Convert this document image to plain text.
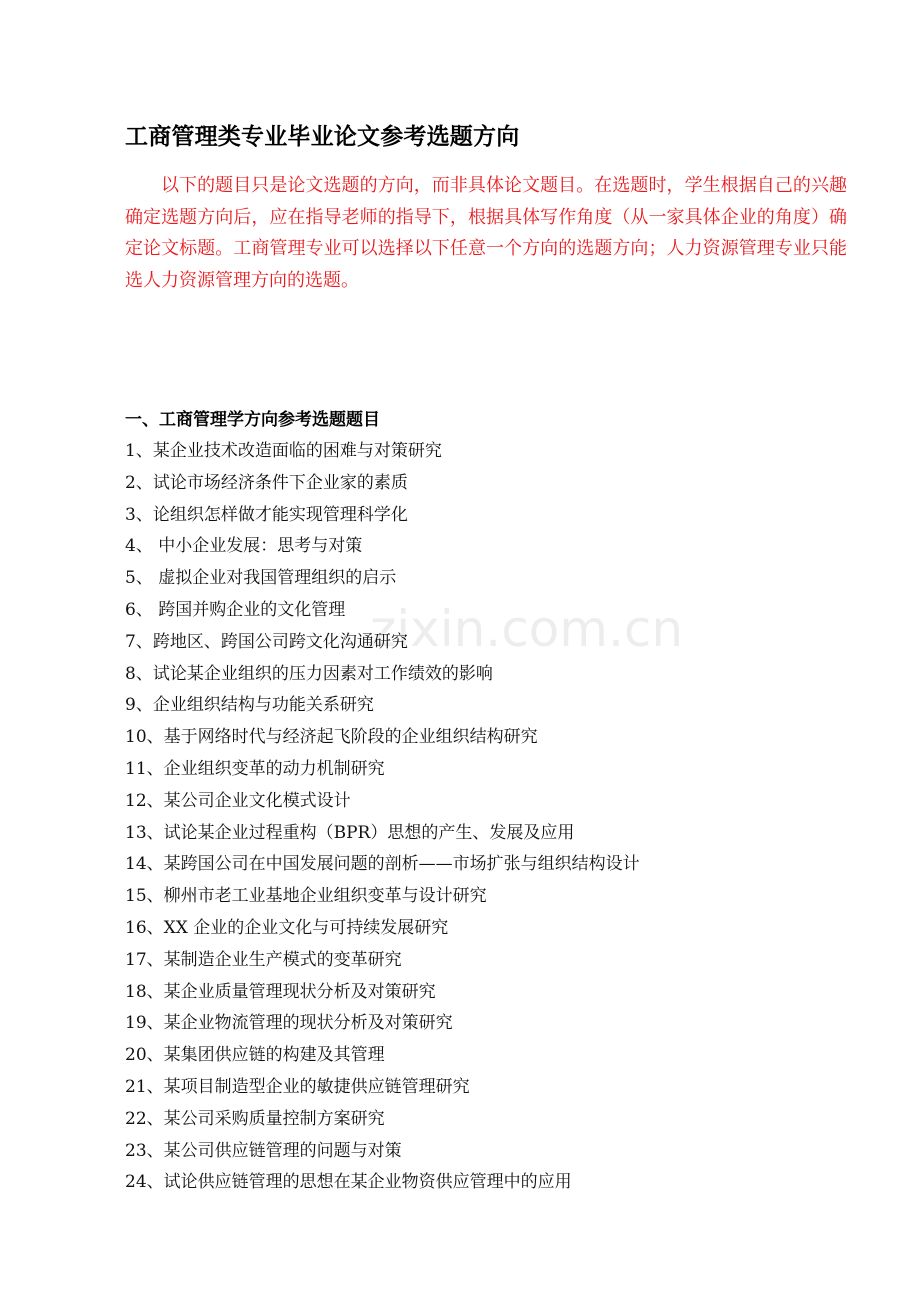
工商管理类专业毕业论文参考选题方向

以下的题目只是论文选题的方向，而非具体论文题目。在选题时，学生根据自己的兴趣确定选题方向后，应在指导老师的指导下，根据具体写作角度（从一家具体企业的角度）确定论文标题。工商管理专业可以选择以下任意一个方向的选题方向；人力资源管理专业只能选人力资源管理方向的选题。

一、工商管理学方向参考选题题目
1、某企业技术改造面临的困难与对策研究
2、试论市场经济条件下企业家的素质
3、论组织怎样做才能实现管理科学化
4、 中小企业发展：思考与对策
5、 虚拟企业对我国管理组织的启示
6、 跨国并购企业的文化管理
7、跨地区、跨国公司跨文化沟通研究
8、试论某企业组织的压力因素对工作绩效的影响
9、企业组织结构与功能关系研究
10、基于网络时代与经济起飞阶段的企业组织结构研究
11、企业组织变革的动力机制研究
12、某公司企业文化模式设计
13、试论某企业过程重构（BPR）思想的产生、发展及应用
14、某跨国公司在中国发展问题的剖析——市场扩张与组织结构设计
15、柳州市老工业基地企业组织变革与设计研究
16、XX 企业的企业文化与可持续发展研究
17、某制造企业生产模式的变革研究
18、某企业质量管理现状分析及对策研究
19、某企业物流管理的现状分析及对策研究
20、某集团供应链的构建及其管理
21、某项目制造型企业的敏捷供应链管理研究
22、某公司采购质量控制方案研究
23、某公司供应链管理的问题与对策
24、试论供应链管理的思想在某企业物资供应管理中的应用
zixin.com.cn
